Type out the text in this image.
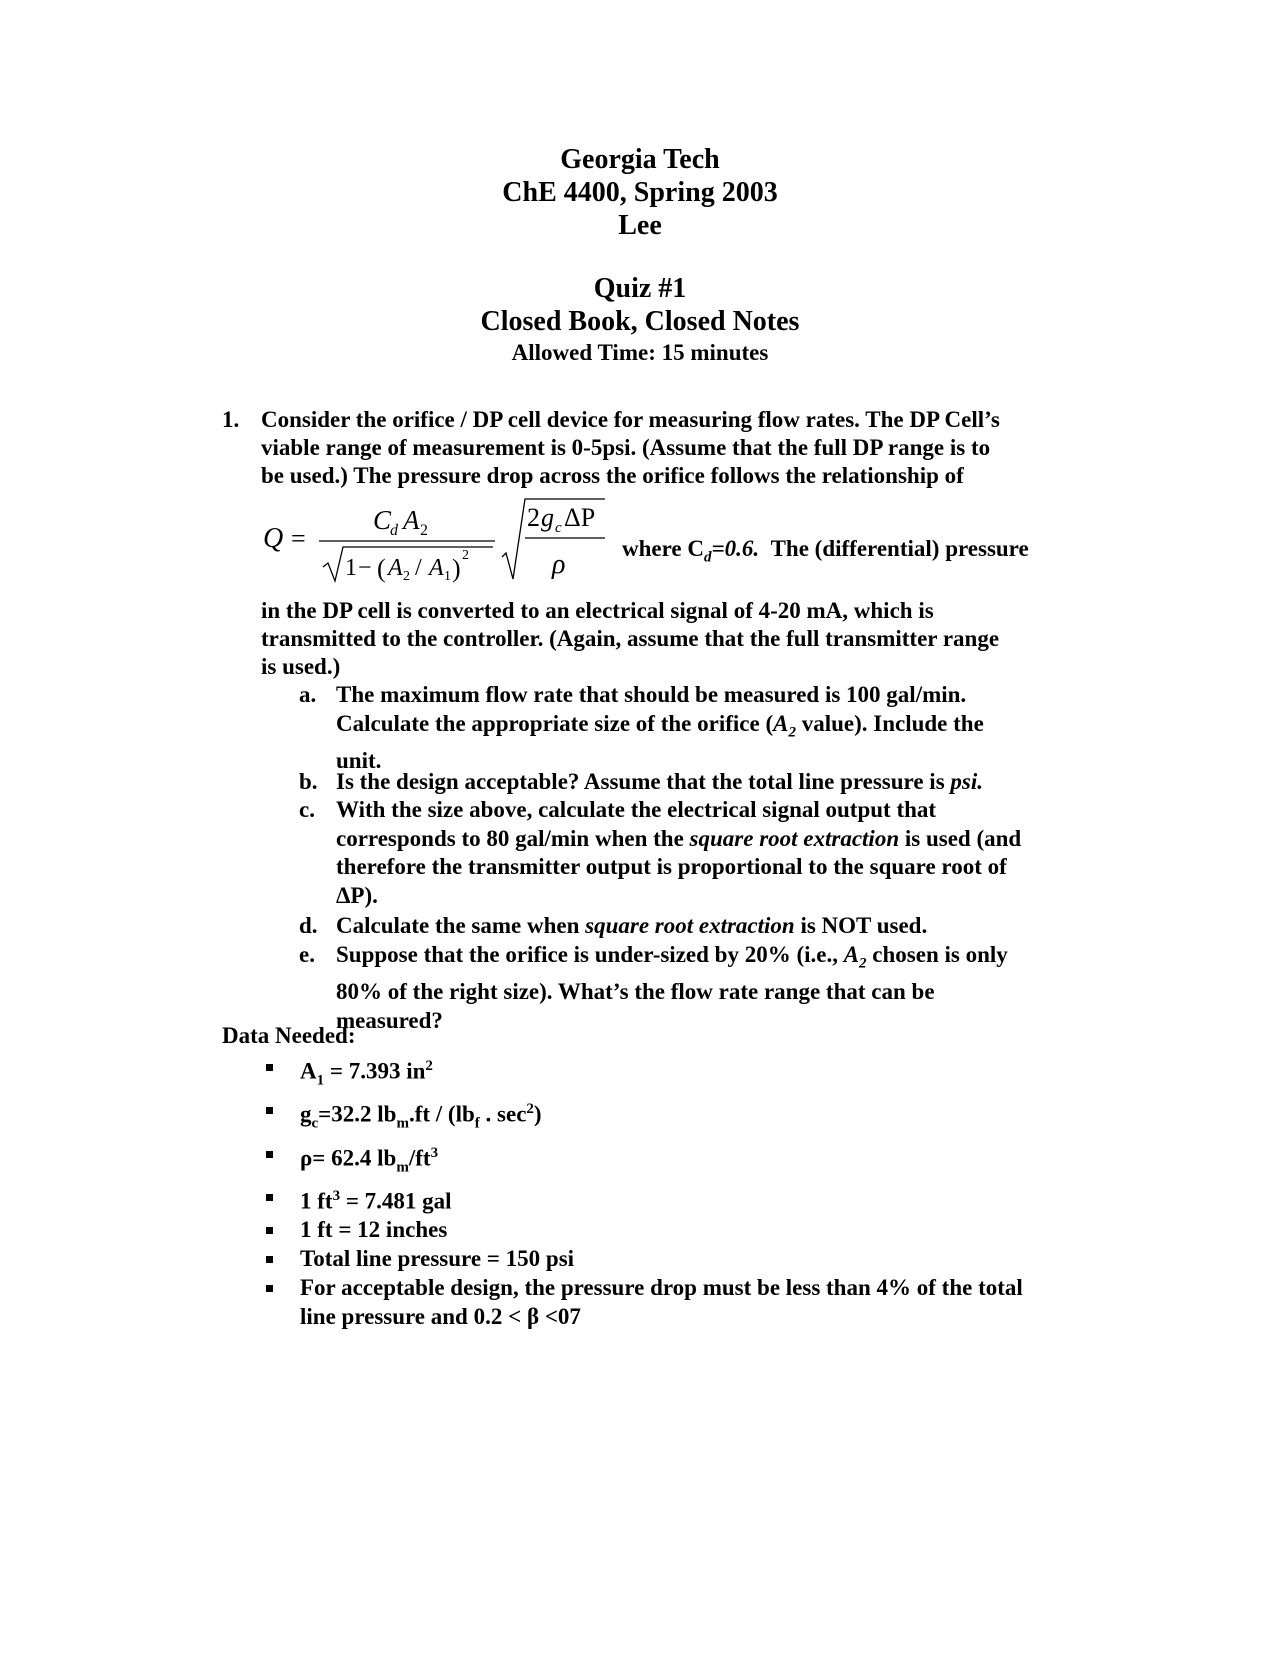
Georgia Tech
ChE 4400, Spring 2003
Lee
Quiz #1
Closed Book, Closed Notes
Allowed Time: 15 minutes
1. Consider the orifice / DP cell device for measuring flow rates. The DP Cell’s
viable range of measurement is 0-5psi. (Assume that the full DP range is to
be used.) The pressure drop across the orifice follows the relationship of
Q =
C
d A 2
1 − ( A 2 / A 1 ) 2
2 g c ΔP
ρ
where $C_d=0.6$. The (differential) pressure
in the DP cell is converted to an electrical signal of 4-20 mA, which is
transmitted to the controller. (Again, assume that the full transmitter range
is used.)
a. The maximum flow rate that should be measured is 100 gal/min.
Calculate the appropriate size of the orifice ($A_2$ value). Include the
unit.
b. Is the design acceptable? Assume that the total line pressure is psi.
c. With the size above, calculate the electrical signal output that
corresponds to 80 gal/min when the square root extraction is used (and
therefore the transmitter output is proportional to the square root of
ΔP).
d. Calculate the same when square root extraction is NOT used.
e. Suppose that the orifice is under-sized by 20% (i.e., $A_2$ chosen is only
80% of the right size). What’s the flow rate range that can be
measured?
Data Needed:
$A_1 = 7.393$ $in^2$
$g_c=32.2$ $lb_m.ft / (lb_f$ . $\sec^2$)
ρ= 62.4 $lb_m/ft^3$
1 $ft^3 = 7.481$ gal
1 ft = 12 inches
Total line pressure = 150 psi
For acceptable design, the pressure drop must be less than 4% of the total
line pressure and 0.2 < β <07
